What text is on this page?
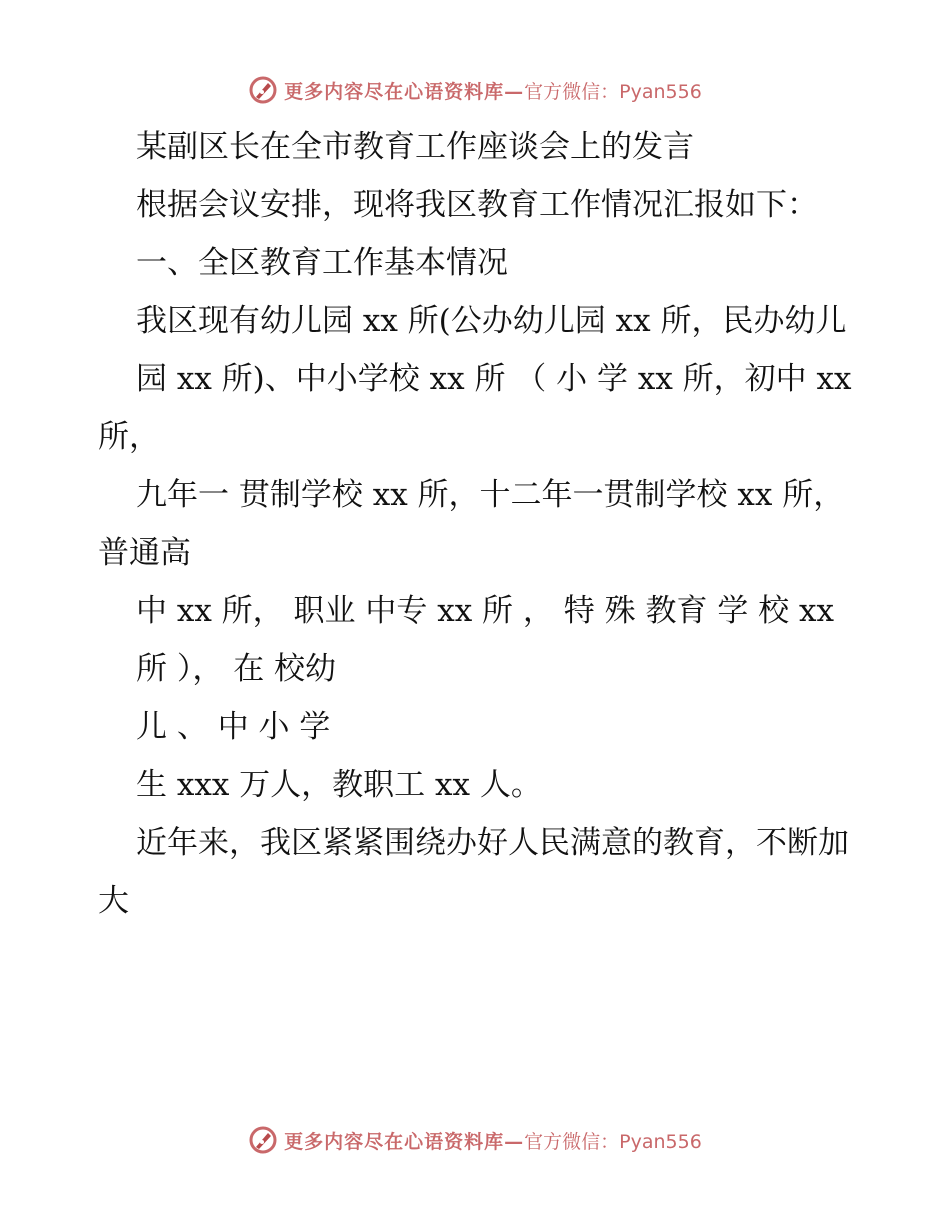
更多内容尽在心语资料库— 官方微信：Pyan556

某副区长在全市教育工作座谈会上的发言

根据会议安排，现将我区教育工作情况汇报如下：

一、全区教育工作基本情况

我区现有幼儿园 xx 所(公办幼儿园 xx 所，民办幼儿

园 xx 所)、中小学校 xx 所 （ 小 学 xx 所，初中 xx 所，

九年一 贯制学校 xx 所，十二年一贯制学校 xx 所，普通高

中 xx 所， 职业 中专 xx 所 ， 特 殊 教育 学 校 xx

所 ）， 在 校幼

儿 、 中 小 学

生 xxx 万人，教职工 xx 人。

近年来，我区紧紧围绕办好人民满意的教育，不断加大

更多内容尽在心语资料库— 官方微信：Pyan556
